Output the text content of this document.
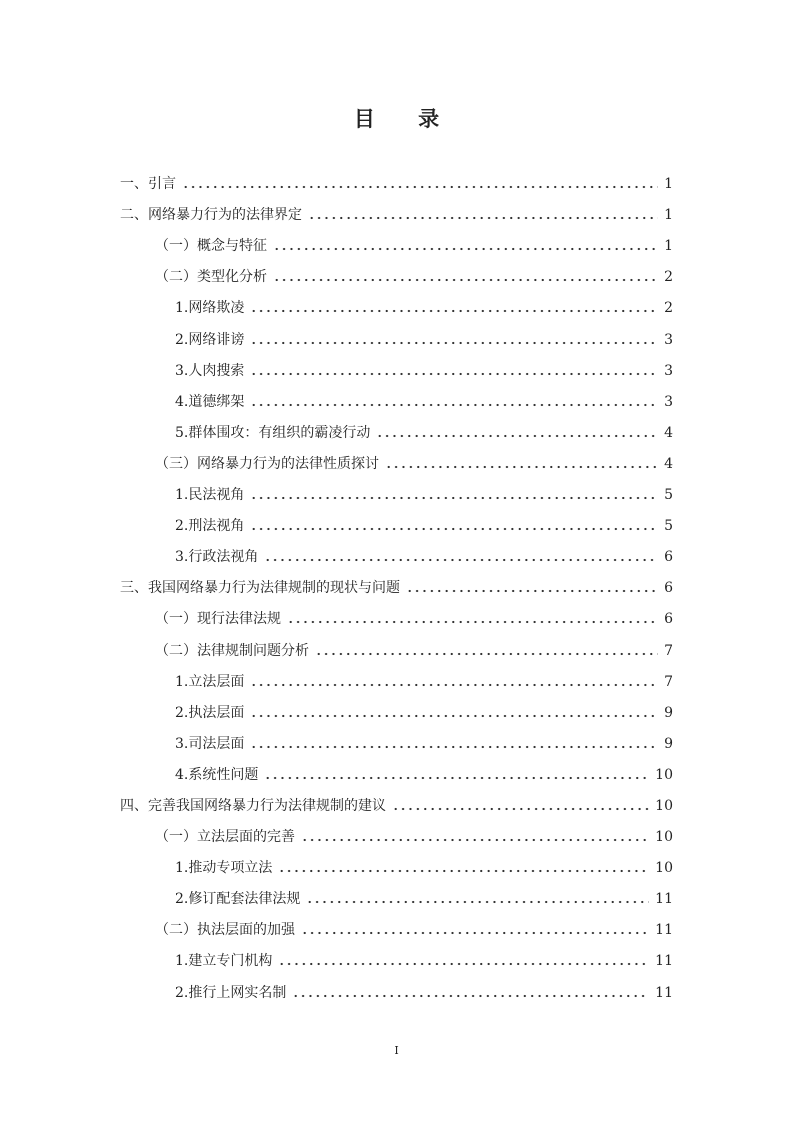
目 录
一、引言	1
二、网络暴力行为的法律界定	1
（一）概念与特征	1
（二）类型化分析	2
1.网络欺凌	2
2.网络诽谤	3
3.人肉搜索	3
4.道德绑架	3
5.群体围攻：有组织的霸凌行动	4
（三）网络暴力行为的法律性质探讨	4
1.民法视角	5
2.刑法视角	5
3.行政法视角	6
三、我国网络暴力行为法律规制的现状与问题	6
（一）现行法律法规	6
（二）法律规制问题分析	7
1.立法层面	7
2.执法层面	9
3.司法层面	9
4.系统性问题	10
四、完善我国网络暴力行为法律规制的建议	10
（一）立法层面的完善	10
1.推动专项立法	10
2.修订配套法律法规	11
（二）执法层面的加强	11
1.建立专门机构	11
2.推行上网实名制	11
I
